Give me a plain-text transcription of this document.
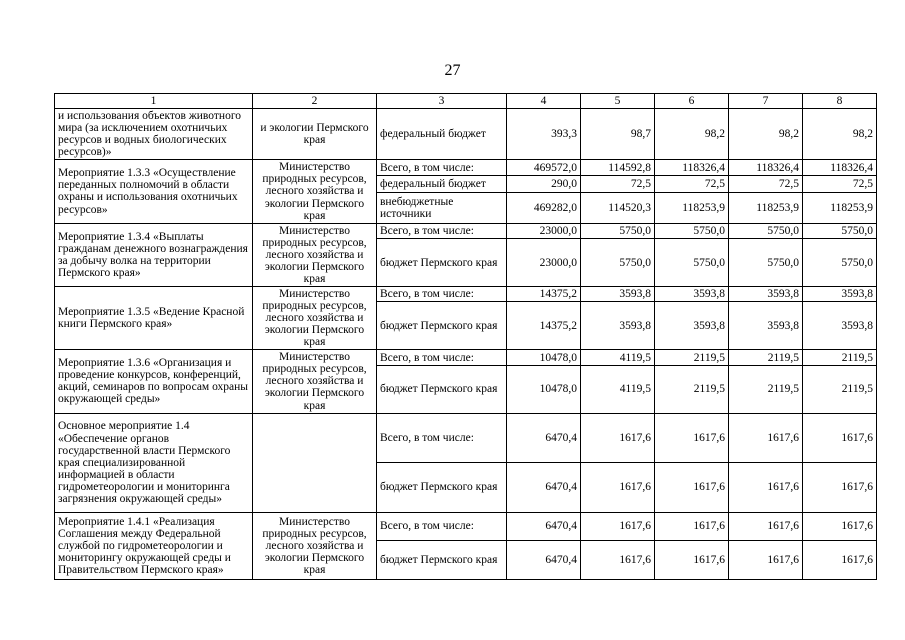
27
1	2	3	4	5	6	7	8
и использования объектов животного мира (за исключением охотничьих ресурсов и водных биологических ресурсов)»	и экологии Пермского края	федеральный бюджет	393,3	98,7	98,2	98,2	98,2
Мероприятие 1.3.3 «Осуществление переданных полномочий в области охраны и использования охотничьих ресурсов»	Министерство природных ресурсов, лесного хозяйства и экологии Пермского края	Всего, в том числе:	469572,0	114592,8	118326,4	118326,4	118326,4
		федеральный бюджет	290,0	72,5	72,5	72,5	72,5
		внебюджетные источники	469282,0	114520,3	118253,9	118253,9	118253,9
Мероприятие 1.3.4 «Выплаты гражданам денежного вознаграждения за добычу волка на территории Пермского края»	Министерство природных ресурсов, лесного хозяйства и экологии Пермского края	Всего, в том числе:	23000,0	5750,0	5750,0	5750,0	5750,0
		бюджет Пермского края	23000,0	5750,0	5750,0	5750,0	5750,0
Мероприятие 1.3.5 «Ведение Красной книги Пермского края»	Министерство природных ресурсов, лесного хозяйства и экологии Пермского края	Всего, в том числе:	14375,2	3593,8	3593,8	3593,8	3593,8
		бюджет Пермского края	14375,2	3593,8	3593,8	3593,8	3593,8
Мероприятие 1.3.6 «Организация и проведение конкурсов, конференций, акций, семинаров по вопросам охраны окружающей среды»	Министерство природных ресурсов, лесного хозяйства и экологии Пермского края	Всего, в том числе:	10478,0	4119,5	2119,5	2119,5	2119,5
		бюджет Пермского края	10478,0	4119,5	2119,5	2119,5	2119,5
Основное мероприятие 1.4 «Обеспечение органов государственной власти Пермского края специализированной информацией в области гидрометеорологии и мониторинга загрязнения окружающей среды»		Всего, в том числе:	6470,4	1617,6	1617,6	1617,6	1617,6
		бюджет Пермского края	6470,4	1617,6	1617,6	1617,6	1617,6
Мероприятие 1.4.1 «Реализация Соглашения между Федеральной службой по гидрометеорологии и мониторингу окружающей среды и Правительством Пермского края»	Министерство природных ресурсов, лесного хозяйства и экологии Пермского края	Всего, в том числе:	6470,4	1617,6	1617,6	1617,6	1617,6
		бюджет Пермского края	6470,4	1617,6	1617,6	1617,6	1617,6
